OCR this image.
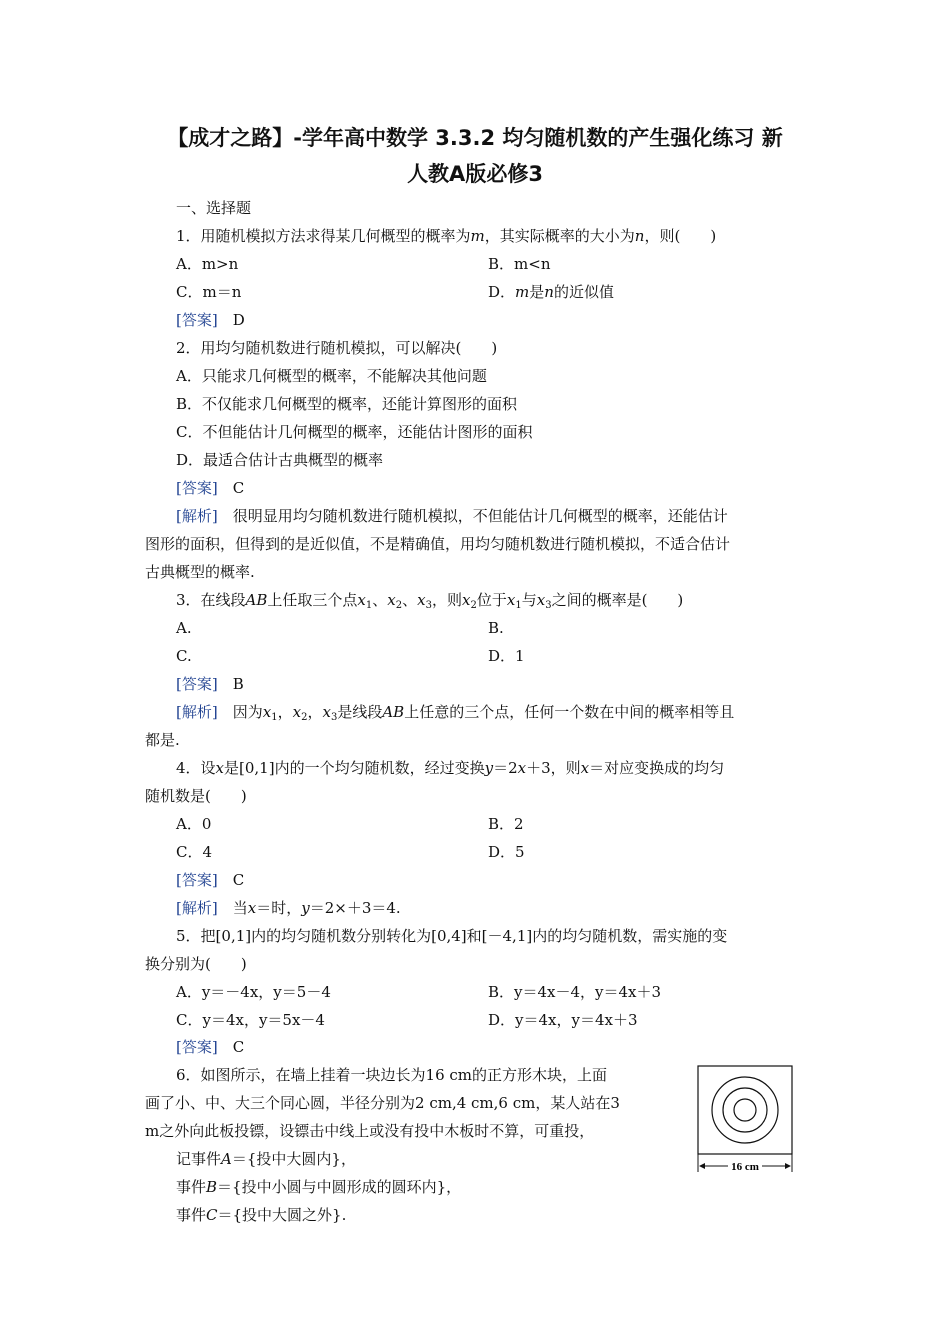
【成才之路】-学年高中数学 3.3.2 均匀随机数的产生强化练习 新
人教A版必修3
一、选择题
1．用随机模拟方法求得某几何概型的概率为m，其实际概率的大小为n，则(　　)
A．m>n	B．m<n
C．m＝n	D．m是n的近似值
[答案]　 D
2．用均匀随机数进行随机模拟，可以解决(　　)
A．只能求几何概型的概率，不能解决其他问题
B．不仅能求几何概型的概率，还能计算图形的面积
C．不但能估计几何概型的概率，还能估计图形的面积
D．最适合估计古典概型的概率
[答案]　 C
[解析]　 很明显用均匀随机数进行随机模拟，不但能估计几何概型的概率，还能估计
图形的面积，但得到的是近似值，不是精确值，用均匀随机数进行随机模拟，不适合估计
古典概型的概率.
3．在线段AB上任取三个点$x_1$、$x_2$、$x_3$，则$x_2$位于$x_1$与$x_3$之间的概率是(　　)
A.	B.
C.	D．1
[答案]　 B
[解析]　 因为$x_1$，$x_2$，$x_3$是线段AB上任意的三个点，任何一个数在中间的概率相等且
都是.
4．设x是[0,1]内的一个均匀随机数，经过变换y＝2x＋3，则x＝对应变换成的均匀
随机数是(　　)
A．0	B．2
C．4	D．5
[答案]　 C
[解析]　 当x＝时，y＝2×＋3＝4.
5．把[0,1]内的均匀随机数分别转化为[0,4]和[－4,1]内的均匀随机数，需实施的变
换分别为(　　)
A．y＝－4x，y＝5－4	B．y＝4x－4，y＝4x＋3
C．y＝4x，y＝5x－4	D．y＝4x，y＝4x＋3
[答案]　 C
6．如图所示，在墙上挂着一块边长为16 cm的正方形木块，上面
画了小、中、大三个同心圆，半径分别为2 cm,4 cm,6 cm，某人站在3
m之外向此板投镖，设镖击中线上或没有投中木板时不算，可重投，
记事件A＝{投中大圆内}，
事件B＝{投中小圆与中圆形成的圆环内}，
事件C＝{投中大圆之外}.
16 cm
